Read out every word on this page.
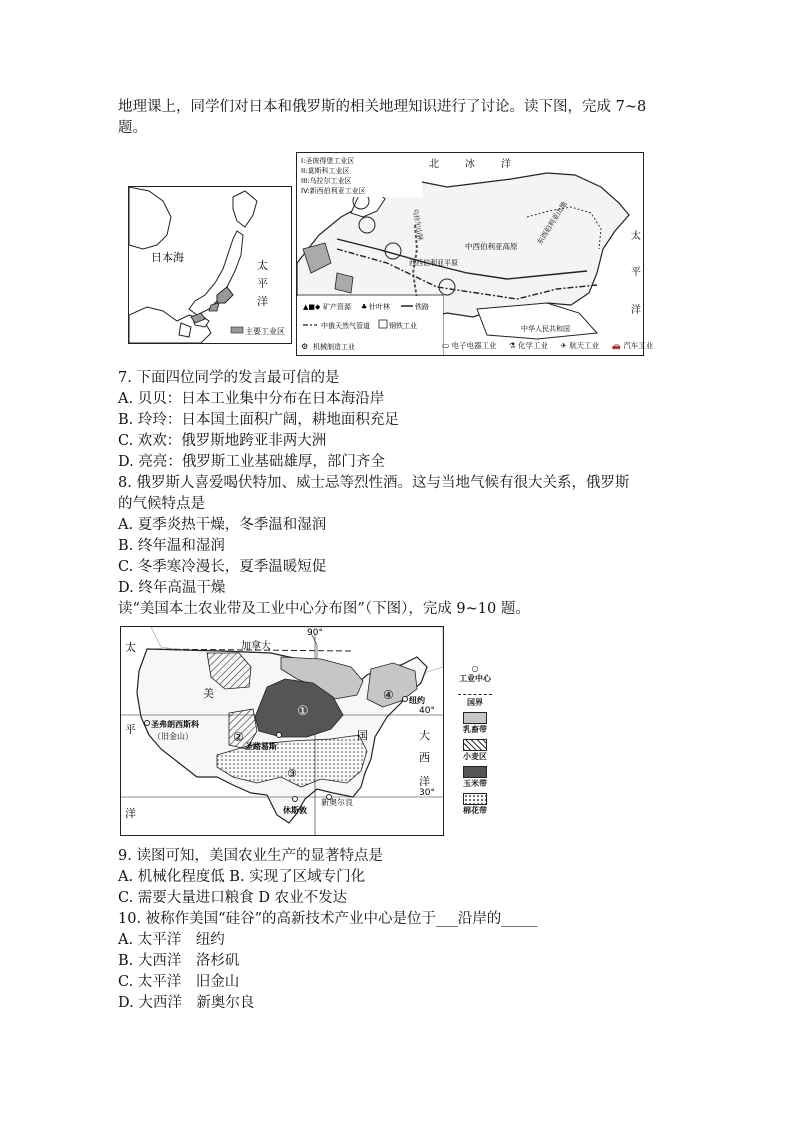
地理课上，同学们对日本和俄罗斯的相关地理知识进行了讨论。读下图，完成 7~8
题。
日本海
太
平
洋
主要工业区
I:圣彼得堡工业区
II:莫斯科工业区
III:乌拉尔工业区
IV:新西伯利亚工业区
北	冰	洋
中西伯利亚高原
西西伯利亚平原
东西伯利亚山地
乌拉尔山脉
中华人民共和国
太
平
洋
▲■◆ 矿产资源 ♣ 针叶林	铁路
中俄天然气管道	钢铁工业
⚙ 机械制造工业	▭ 电子电器工业 ⚗ 化学工业 ✈ 航天工业 🚗 汽车工业
7. 下面四位同学的发言最可信的是
A. 贝贝：日本工业集中分布在日本海沿岸
B. 玲玲：日本国土面积广阔，耕地面积充足
C. 欢欢：俄罗斯地跨亚非两大洲
D. 亮亮：俄罗斯工业基础雄厚，部门齐全
8. 俄罗斯人喜爱喝伏特加、威士忌等烈性酒。这与当地气候有很大关系，俄罗斯
的气候特点是
A. 夏季炎热干燥，冬季温和湿润
B. 终年温和湿润
C. 冬季寒冷漫长，夏季温暖短促
D. 终年高温干燥
读“美国本土农业带及工业中心分布图”（下图），完成 9~10 题。
①
②
③
④
加拿大
90°
40°
30°
太
平
洋
大
西
洋
美
国
圣弗朗西斯科
（旧金山）
圣路易斯
纽约
休斯敦
新奥尔良
○
工业中心
国界
乳畜带
小麦区
玉米带
棉花带
9. 读图可知，美国农业生产的显著特点是
A. 机械化程度低 B. 实现了区域专门化
C. 需要大量进口粮食 D 农业不发达
10. 被称作美国“硅谷”的高新技术产业中心是位于___沿岸的_____
A. 太平洋　纽约
B. 大西洋　洛杉矶
C. 太平洋　旧金山
D. 大西洋　新奥尔良
